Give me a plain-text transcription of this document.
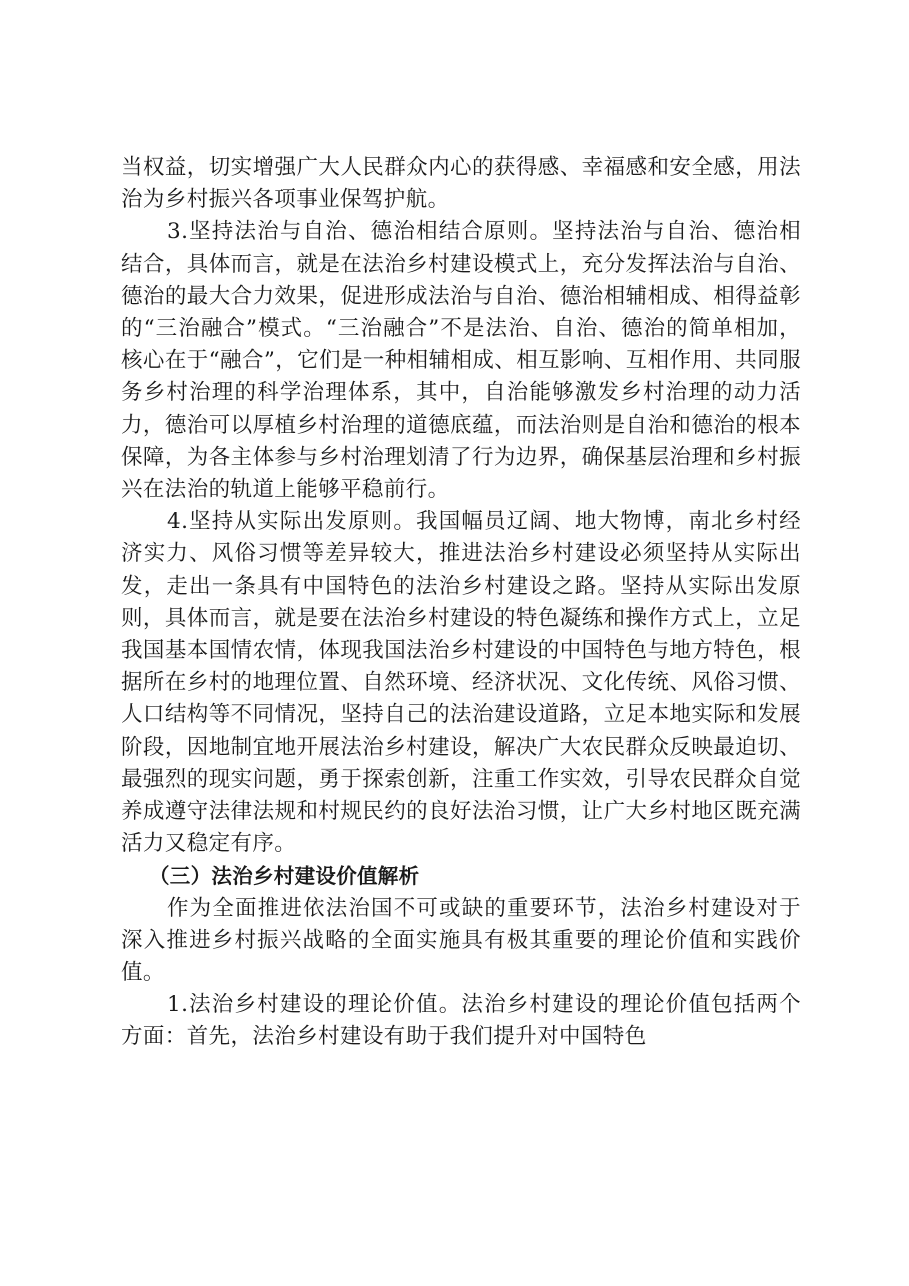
当权益，切实增强广大人民群众内心的获得感、幸福感和安全感，用法治为乡村振兴各项事业保驾护航。

3.坚持法治与自治、德治相结合原则。坚持法治与自治、德治相结合，具体而言，就是在法治乡村建设模式上，充分发挥法治与自治、德治的最大合力效果，促进形成法治与自治、德治相辅相成、相得益彰的“三治融合”模式。“三治融合”不是法治、自治、德治的简单相加，核心在于“融合”，它们是一种相辅相成、相互影响、互相作用、共同服务乡村治理的科学治理体系，其中，自治能够激发乡村治理的动力活力，德治可以厚植乡村治理的道德底蕴，而法治则是自治和德治的根本保障，为各主体参与乡村治理划清了行为边界，确保基层治理和乡村振兴在法治的轨道上能够平稳前行。

4.坚持从实际出发原则。我国幅员辽阔、地大物博，南北乡村经济实力、风俗习惯等差异较大，推进法治乡村建设必须坚持从实际出发，走出一条具有中国特色的法治乡村建设之路。坚持从实际出发原则，具体而言，就是要在法治乡村建设的特色凝练和操作方式上，立足我国基本国情农情，体现我国法治乡村建设的中国特色与地方特色，根据所在乡村的地理位置、自然环境、经济状况、文化传统、风俗习惯、人口结构等不同情况，坚持自己的法治建设道路，立足本地实际和发展阶段，因地制宜地开展法治乡村建设，解决广大农民群众反映最迫切、最强烈的现实问题，勇于探索创新，注重工作实效，引导农民群众自觉养成遵守法律法规和村规民约的良好法治习惯，让广大乡村地区既充满活力又稳定有序。

（三）法治乡村建设价值解析

作为全面推进依法治国不可或缺的重要环节，法治乡村建设对于深入推进乡村振兴战略的全面实施具有极其重要的理论价值和实践价值。

1.法治乡村建设的理论价值。法治乡村建设的理论价值包括两个方面：首先，法治乡村建设有助于我们提升对中国特色
